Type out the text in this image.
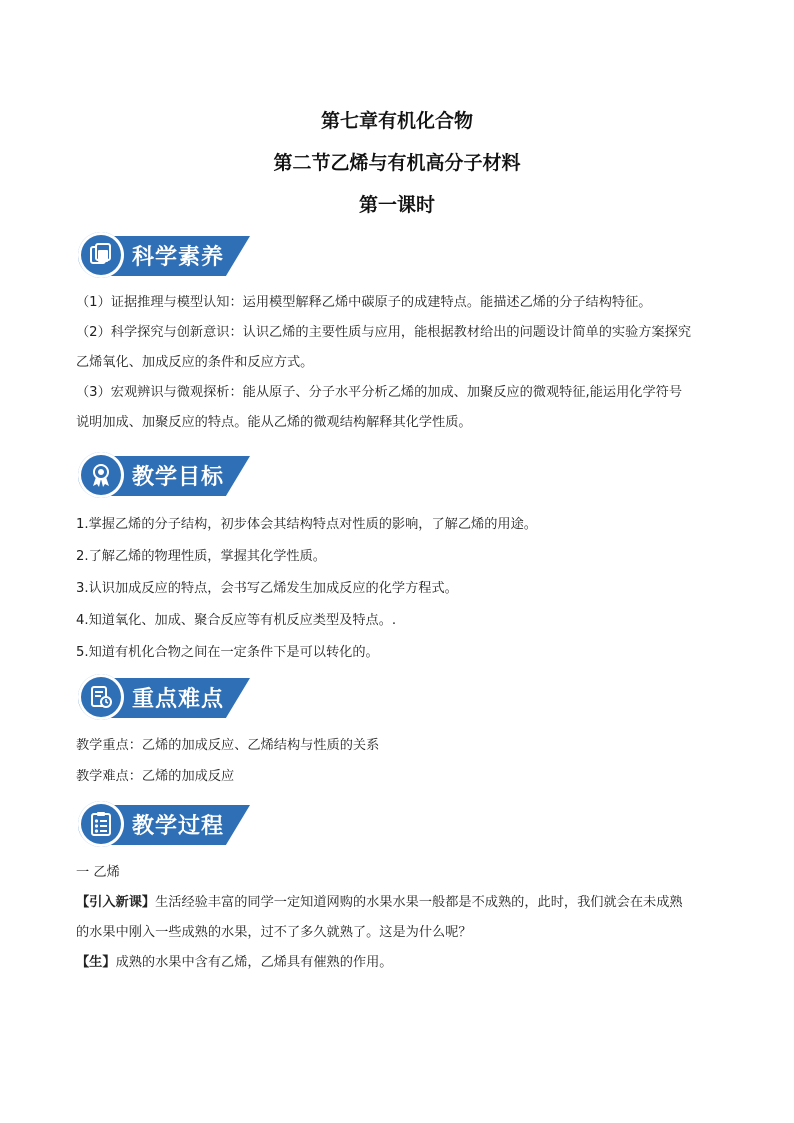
第七章有机化合物
第二节乙烯与有机高分子材料
第一课时
科学素养

（1）证据推理与模型认知：运用模型解释乙烯中碳原子的成建特点。能描述乙烯的分子结构特征。

（2）科学探究与创新意识：认识乙烯的主要性质与应用，能根据教材给出的问题设计简单的实验方案探究

乙烯氧化、加成反应的条件和反应方式。

（3）宏观辨识与微观探析：能从原子、分子水平分析乙烯的加成、加聚反应的微观特征,能运用化学符号

说明加成、加聚反应的特点。能从乙烯的微观结构解释其化学性质。

教学目标

1.掌握乙烯的分子结构，初步体会其结构特点对性质的影响，了解乙烯的用途。

2.了解乙烯的物理性质，掌握其化学性质。

3.认识加成反应的特点，会书写乙烯发生加成反应的化学方程式。

4.知道氧化、加成、聚合反应等有机反应类型及特点。.

5.知道有机化合物之间在一定条件下是可以转化的。

重点难点

教学重点：乙烯的加成反应、乙烯结构与性质的关系

教学难点：乙烯的加成反应

教学过程

一 乙烯

【引入新课】生活经验丰富的同学一定知道网购的水果水果一般都是不成熟的，此时，我们就会在未成熟

的水果中刚入一些成熟的水果，过不了多久就熟了。这是为什么呢？

【生】成熟的水果中含有乙烯，乙烯具有催熟的作用。
